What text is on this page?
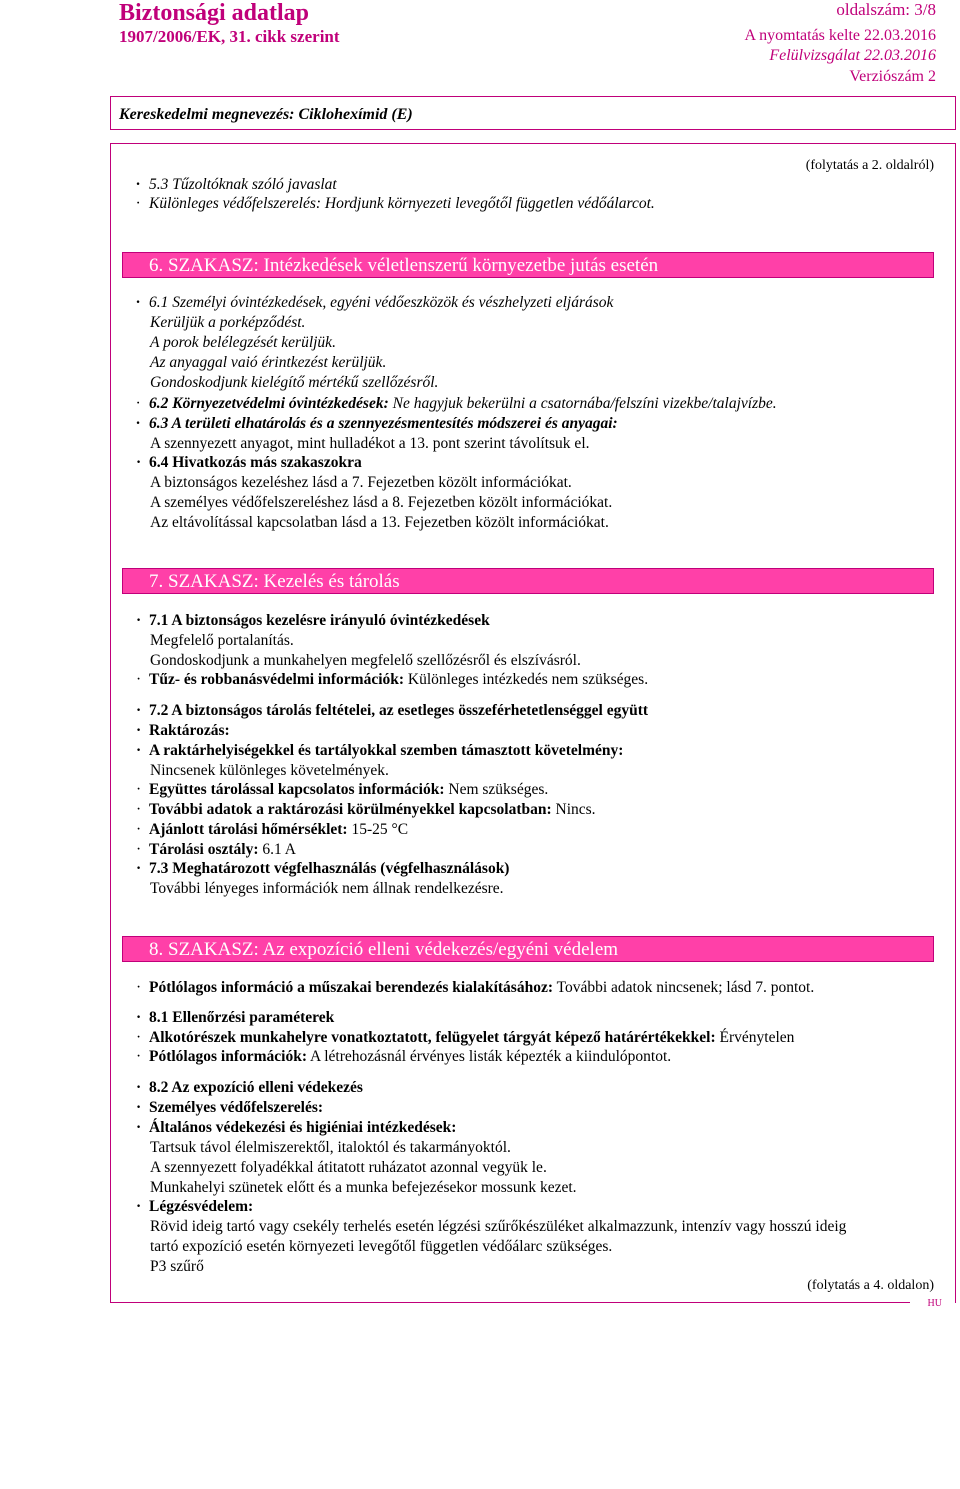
Biztonsági adatlap
1907/2006/EK, 31. cikk szerint
oldalszám: 3/8
A nyomtatás kelte 22.03.2016
Felülvizsgálat 22.03.2016
Verziószám 2
Kereskedelmi megnevezés: Ciklohexímid (E)
(folytatás a 2. oldalról)
· 5.3 Tűzoltóknak szóló javaslat
· Különleges védőfelszerelés: Hordjunk környezeti levegőtől független védőálarcot.
6. SZAKASZ: Intézkedések véletlenszerű környezetbe jutás esetén
· 6.1 Személyi óvintézkedések, egyéni védőeszközök és vészhelyzeti eljárások
Kerüljük a porképződést.
A porok belélegzését kerüljük.
Az anyaggal vaió érintkezést kerüljük.
Gondoskodjunk kielégítő mértékű szellőzésről.
· 6.2 Környezetvédelmi óvintézkedések: Ne hagyjuk bekerülni a csatornába/felszíni vizekbe/talajvízbe.
· 6.3 A területi elhatárolás és a szennyezésmentesítés módszerei és anyagai:
A szennyezett anyagot, mint hulladékot a 13. pont szerint távolítsuk el.
· 6.4 Hivatkozás más szakaszokra
A biztonságos kezeléshez lásd a 7. Fejezetben közölt információkat.
A személyes védőfelszereléshez lásd a 8. Fejezetben közölt információkat.
Az eltávolítással kapcsolatban lásd a 13. Fejezetben közölt információkat.
7. SZAKASZ: Kezelés és tárolás
· 7.1 A biztonságos kezelésre irányuló óvintézkedések
Megfelelő portalanítás.
Gondoskodjunk a munkahelyen megfelelő szellőzésről és elszívásról.
· Tűz- és robbanásvédelmi információk: Különleges intézkedés nem szükséges.
· 7.2 A biztonságos tárolás feltételei, az esetleges összeférhetetlenséggel együtt
· Raktározás:
· A raktárhelyiségekkel és tartályokkal szemben támasztott követelmény:
Nincsenek különleges követelmények.
· Együttes tárolással kapcsolatos információk: Nem szükséges.
· További adatok a raktározási körülményekkel kapcsolatban: Nincs.
· Ajánlott tárolási hőmérséklet: 15-25 °C
· Tárolási osztály: 6.1 A
· 7.3 Meghatározott végfelhasználás (végfelhasználások)
További lényeges információk nem állnak rendelkezésre.
8. SZAKASZ: Az expozíció elleni védekezés/egyéni védelem
· Pótlólagos információ a műszakai berendezés kialakításához: További adatok nincsenek; lásd 7. pontot.
· 8.1 Ellenőrzési paraméterek
· Alkotórészek munkahelyre vonatkoztatott, felügyelet tárgyát képező határértékekkel: Érvénytelen
· Pótlólagos információk: A létrehozásnál érvényes listák képezték a kiindulópontot.
· 8.2 Az expozíció elleni védekezés
· Személyes védőfelszerelés:
· Általános védekezési és higiéniai intézkedések:
Tartsuk távol élelmiszerektől, italoktól és takarmányoktól.
A szennyezett folyadékkal átitatott ruházatot azonnal vegyük le.
Munkahelyi szünetek előtt és a munka befejezésekor mossunk kezet.
· Légzésvédelem:
Rövid ideig tartó vagy csekély terhelés esetén légzési szűrőkészüléket alkalmazzunk, intenzív vagy hosszú ideig
tartó expozíció esetén környezeti levegőtől független védőálarc szükséges.
P3 szűrő
(folytatás a 4. oldalon)
HU
